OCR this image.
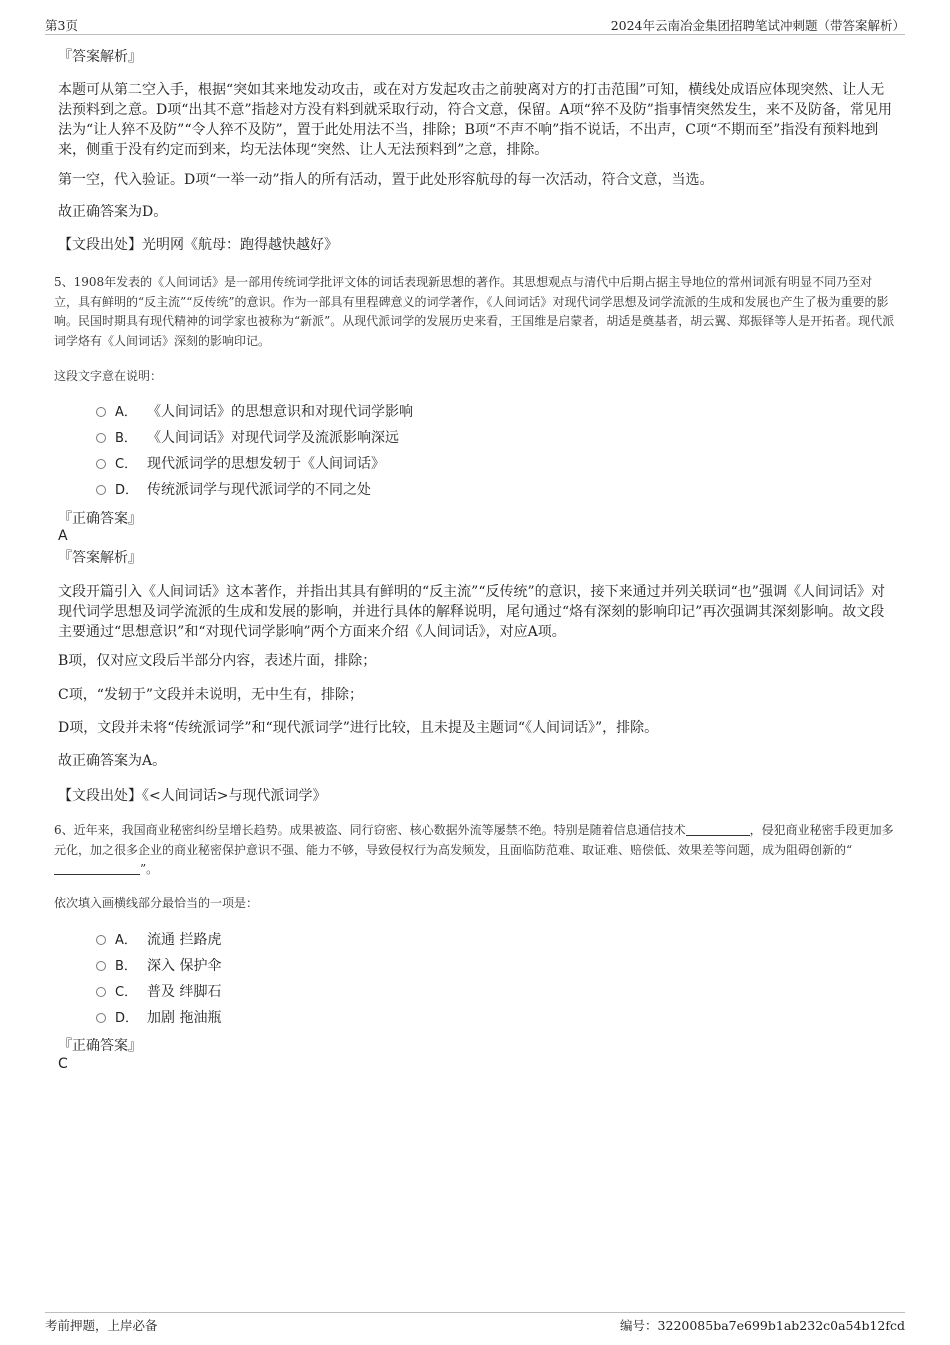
第3页	2024年云南冶金集团招聘笔试冲刺题（带答案解析）
『答案解析』
本题可从第二空入手，根据“突如其来地发动攻击，或在对方发起攻击之前驶离对方的打击范围”可知，横线处成语应体现突然、让人无法预料到之意。D项“出其不意”指趁对方没有料到就采取行动，符合文意，保留。A项“猝不及防”指事情突然发生，来不及防备，常见用法为“让人猝不及防”“令人猝不及防”，置于此处用法不当，排除；B项“不声不响”指不说话，不出声，C项“不期而至”指没有预料地到来，侧重于没有约定而到来，均无法体现“突然、让人无法预料到”之意，排除。
第一空，代入验证。D项“一举一动”指人的所有活动，置于此处形容航母的每一次活动，符合文意，当选。
故正确答案为D。
【文段出处】光明网《航母：跑得越快越好》
5、1908年发表的《人间词话》是一部用传统词学批评文体的词话表现新思想的著作。其思想观点与清代中后期占据主导地位的常州词派有明显不同乃至对立，具有鲜明的“反主流”“反传统”的意识。作为一部具有里程碑意义的词学著作，《人间词话》对现代词学思想及词学流派的生成和发展也产生了极为重要的影响。民国时期具有现代精神的词学家也被称为“新派”。从现代派词学的发展历史来看，王国维是启蒙者，胡适是奠基者，胡云翼、郑振铎等人是开拓者。现代派词学烙有《人间词话》深刻的影响印记。
这段文字意在说明：
A． 《人间词话》的思想意识和对现代词学影响
B． 《人间词话》对现代词学及流派影响深远
C． 现代派词学的思想发轫于《人间词话》
D． 传统派词学与现代派词学的不同之处
『正确答案』
A
『答案解析』
文段开篇引入《人间词话》这本著作，并指出其具有鲜明的“反主流”“反传统”的意识，接下来通过并列关联词“也”强调《人间词话》对现代词学思想及词学流派的生成和发展的影响，并进行具体的解释说明，尾句通过“烙有深刻的影响印记”再次强调其深刻影响。故文段主要通过“思想意识”和“对现代词学影响”两个方面来介绍《人间词话》，对应A项。
B项，仅对应文段后半部分内容，表述片面，排除；
C项，“发轫于”文段并未说明，无中生有，排除；
D项，文段并未将“传统派词学”和“现代派词学”进行比较，且未提及主题词“《人间词话》”，排除。
故正确答案为A。
【文段出处】《<人间词话>与现代派词学》
6、近年来，我国商业秘密纠纷呈增长趋势。成果被盗、同行窃密、核心数据外流等屡禁不绝。特别是随着信息通信技术	，侵犯商业秘密手段更加多元化，加之很多企业的商业秘密保护意识不强、能力不够，导致侵权行为高发频发，且面临防范难、取证难、赔偿低、效果差等问题，成为阻碍创新的“”。
依次填入画横线部分最恰当的一项是：
A． 流通 拦路虎
B． 深入 保护伞
C． 普及 绊脚石
D． 加剧 拖油瓶
『正确答案』
C
考前押题，上岸必备	编号：3220085ba7e699b1ab232c0a54b12fcd
